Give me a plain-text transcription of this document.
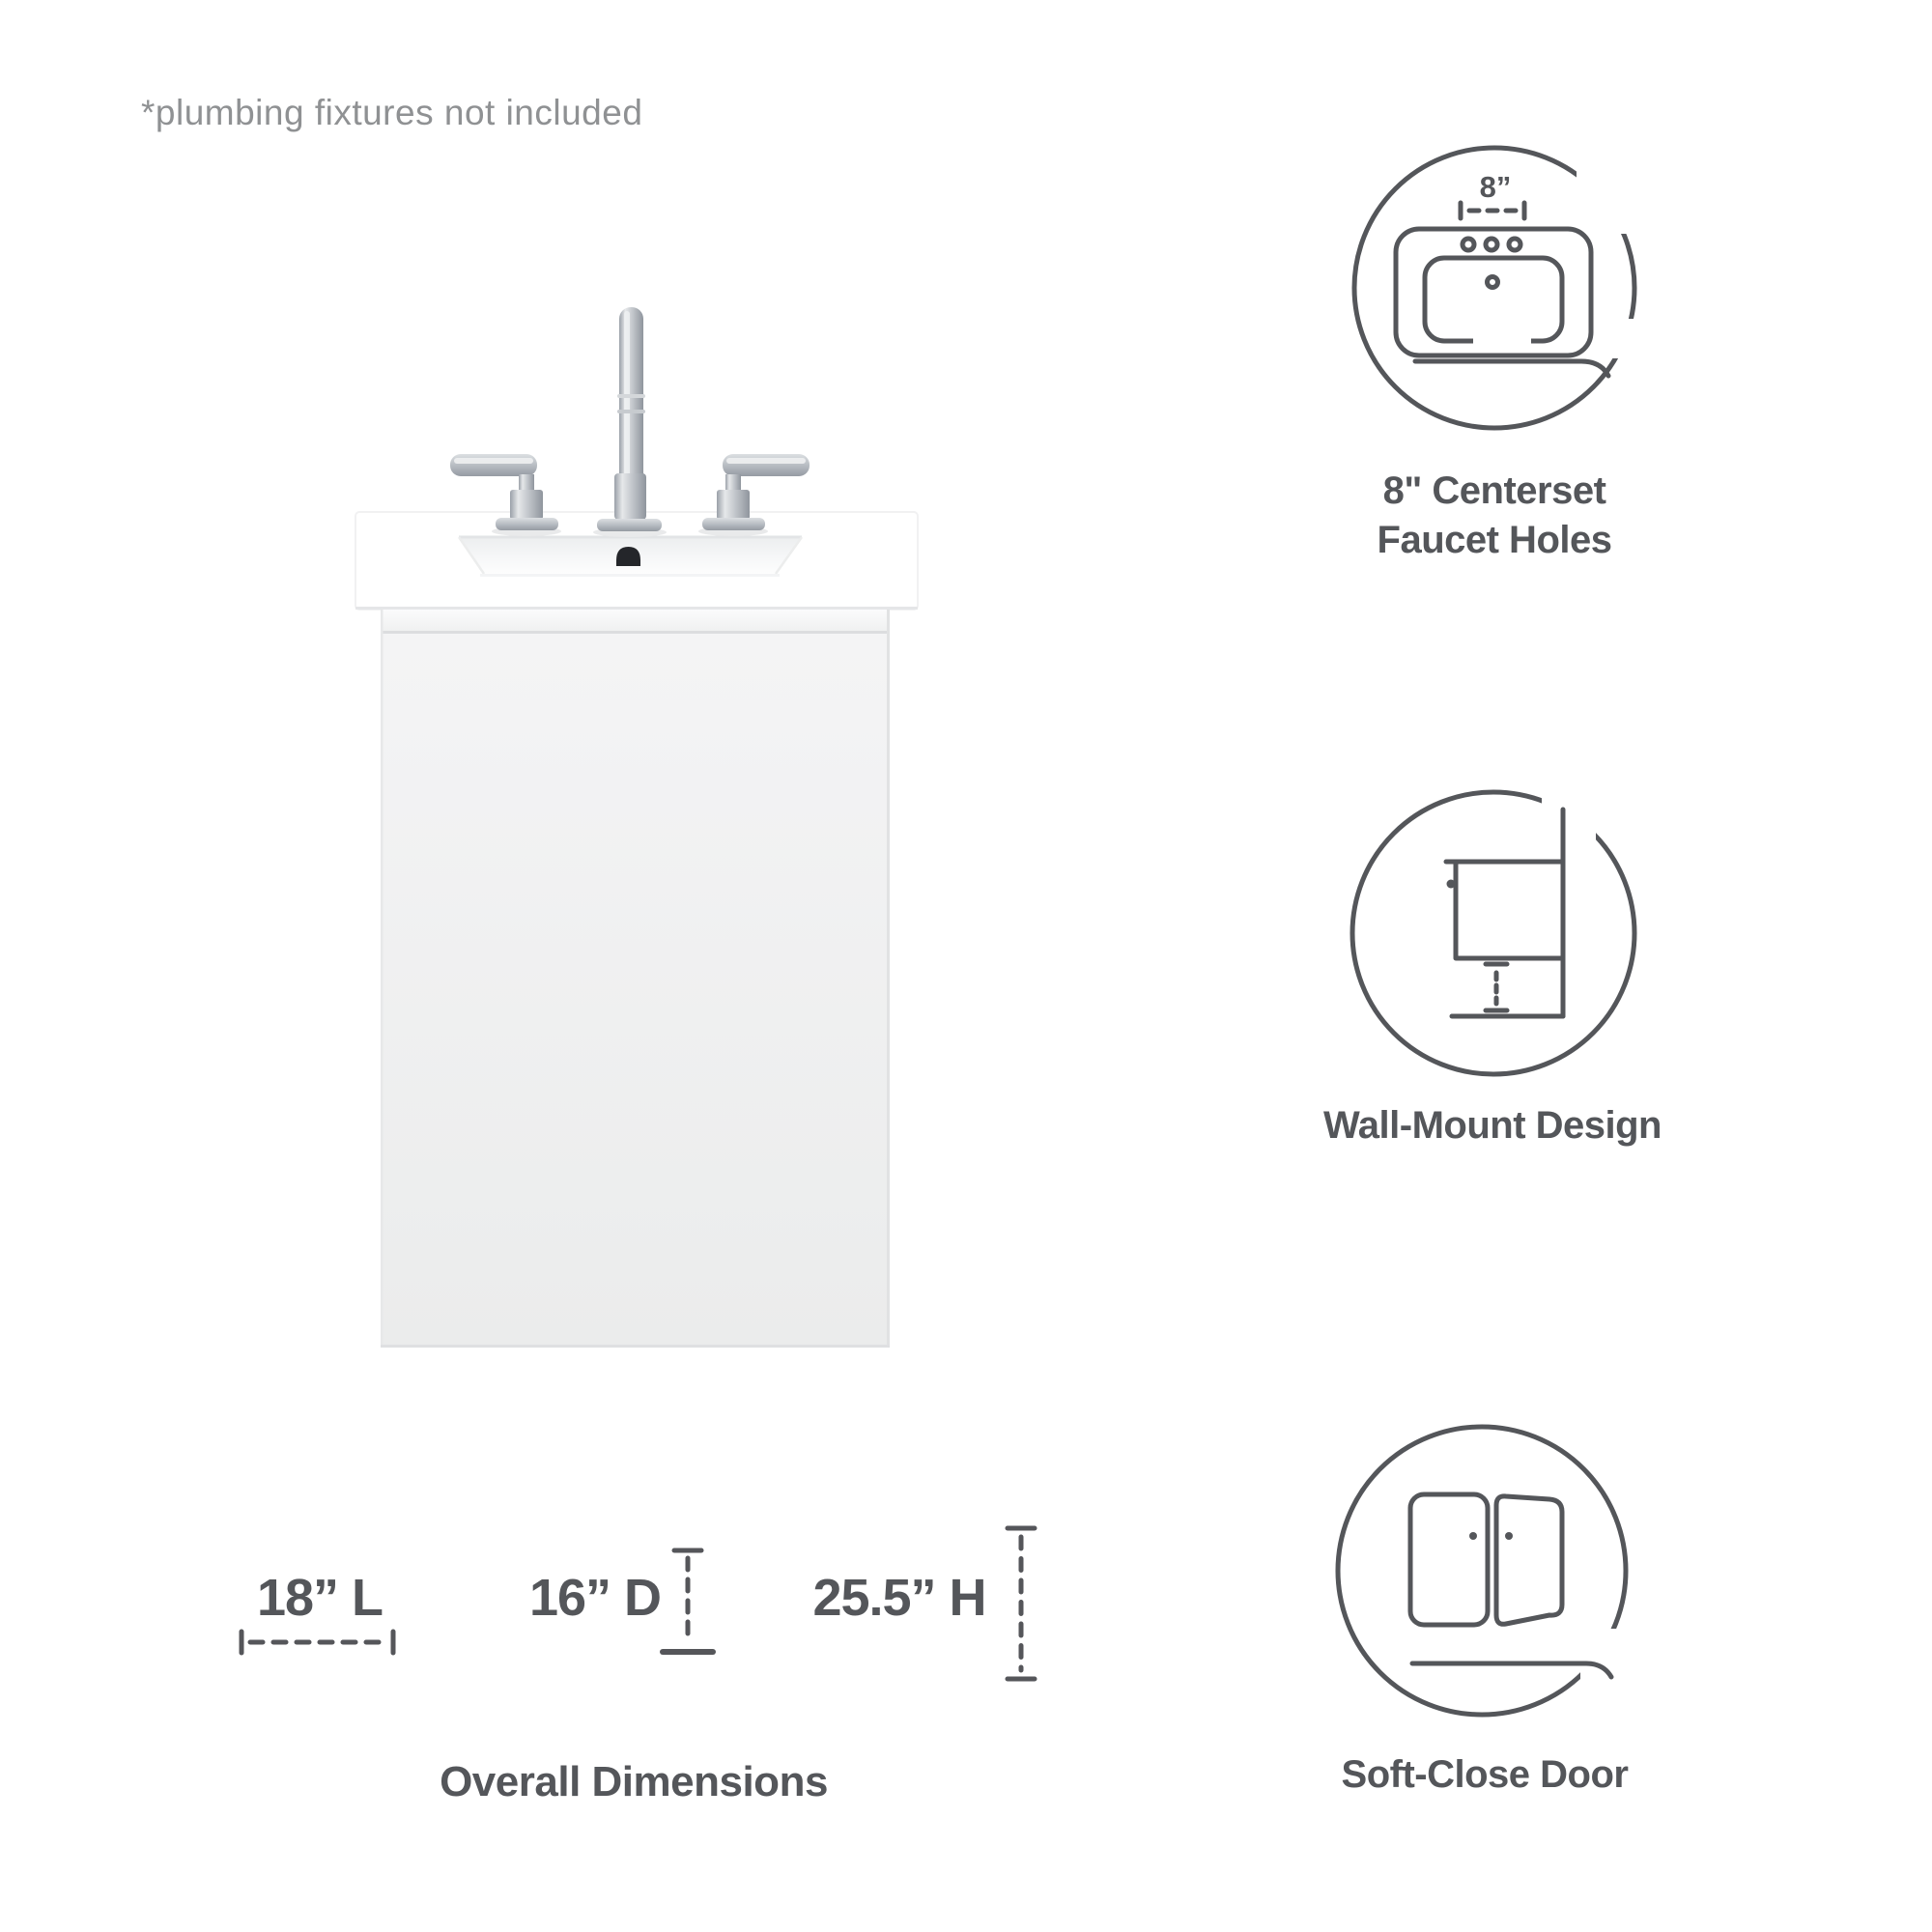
*plumbing fixtures not included
8”
8" Centerset
Faucet Holes
Wall-Mount Design
Soft-Close Door
18” L	16” D	25.5” H
Overall Dimensions
